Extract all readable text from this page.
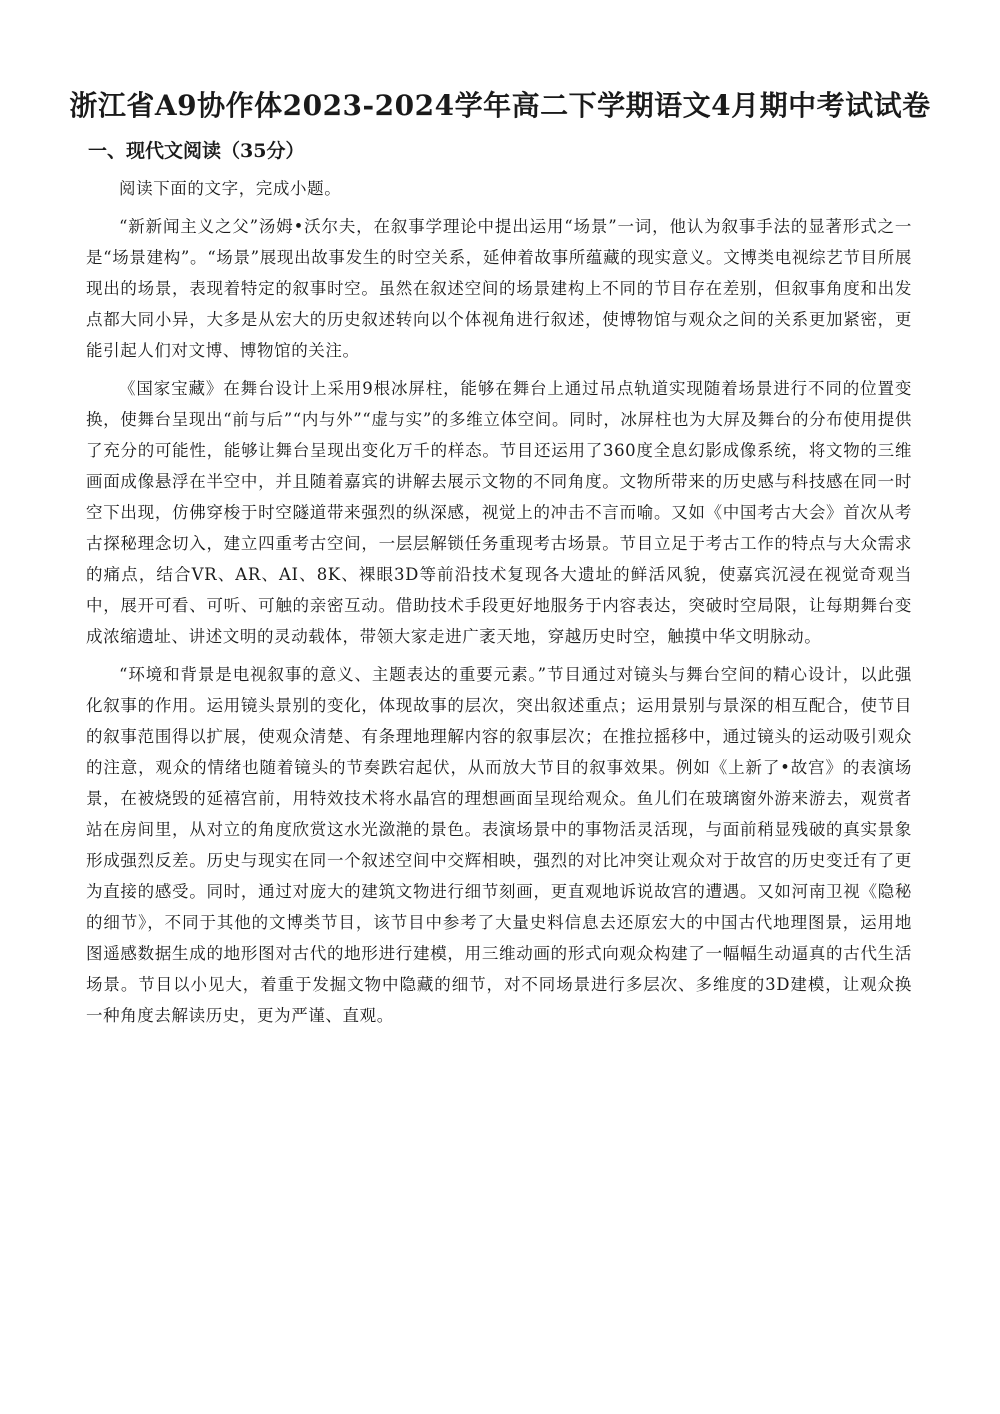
浙江省A9协作体2023-2024学年高二下学期语文4月期中考试试卷
一、现代文阅读（35分）

阅读下面的文字，完成小题。

“新新闻主义之父”汤姆•沃尔夫，在叙事学理论中提出运用“场景”一词，他认为叙事手法的显著形式之一是“场景建构”。“场景”展现出故事发生的时空关系，延伸着故事所蕴藏的现实意义。文博类电视综艺节目所展现出的场景，表现着特定的叙事时空。虽然在叙述空间的场景建构上不同的节目存在差别，但叙事角度和出发点都大同小异，大多是从宏大的历史叙述转向以个体视角进行叙述，使博物馆与观众之间的关系更加紧密，更能引起人们对文博、博物馆的关注。

《国家宝藏》在舞台设计上采用9根冰屏柱，能够在舞台上通过吊点轨道实现随着场景进行不同的位置变换，使舞台呈现出“前与后”“内与外”“虚与实”的多维立体空间。同时，冰屏柱也为大屏及舞台的分布使用提供了充分的可能性，能够让舞台呈现出变化万千的样态。节目还运用了360度全息幻影成像系统，将文物的三维画面成像悬浮在半空中，并且随着嘉宾的讲解去展示文物的不同角度。文物所带来的历史感与科技感在同一时空下出现，仿佛穿梭于时空隧道带来强烈的纵深感，视觉上的冲击不言而喻。又如《中国考古大会》首次从考古探秘理念切入，建立四重考古空间，一层层解锁任务重现考古场景。节目立足于考古工作的特点与大众需求的痛点，结合VR、AR、AI、8K、裸眼3D等前沿技术复现各大遗址的鲜活风貌，使嘉宾沉浸在视觉奇观当中，展开可看、可听、可触的亲密互动。借助技术手段更好地服务于内容表达，突破时空局限，让每期舞台变成浓缩遗址、讲述文明的灵动载体，带领大家走进广袤天地，穿越历史时空，触摸中华文明脉动。

“环境和背景是电视叙事的意义、主题表达的重要元素。”节目通过对镜头与舞台空间的精心设计，以此强化叙事的作用。运用镜头景别的变化，体现故事的层次，突出叙述重点；运用景别与景深的相互配合，使节目的叙事范围得以扩展，使观众清楚、有条理地理解内容的叙事层次；在推拉摇移中，通过镜头的运动吸引观众的注意，观众的情绪也随着镜头的节奏跌宕起伏，从而放大节目的叙事效果。例如《上新了•故宫》的表演场景，在被烧毁的延禧宫前，用特效技术将水晶宫的理想画面呈现给观众。鱼儿们在玻璃窗外游来游去，观赏者站在房间里，从对立的角度欣赏这水光潋滟的景色。表演场景中的事物活灵活现，与面前稍显残破的真实景象形成强烈反差。历史与现实在同一个叙述空间中交辉相映，强烈的对比冲突让观众对于故宫的历史变迁有了更为直接的感受。同时，通过对庞大的建筑文物进行细节刻画，更直观地诉说故宫的遭遇。又如河南卫视《隐秘的细节》，不同于其他的文博类节目，该节目中参考了大量史料信息去还原宏大的中国古代地理图景，运用地图遥感数据生成的地形图对古代的地形进行建模，用三维动画的形式向观众构建了一幅幅生动逼真的古代生活场景。节目以小见大，着重于发掘文物中隐藏的细节，对不同场景进行多层次、多维度的3D建模，让观众换一种角度去解读历史，更为严谨、直观。
